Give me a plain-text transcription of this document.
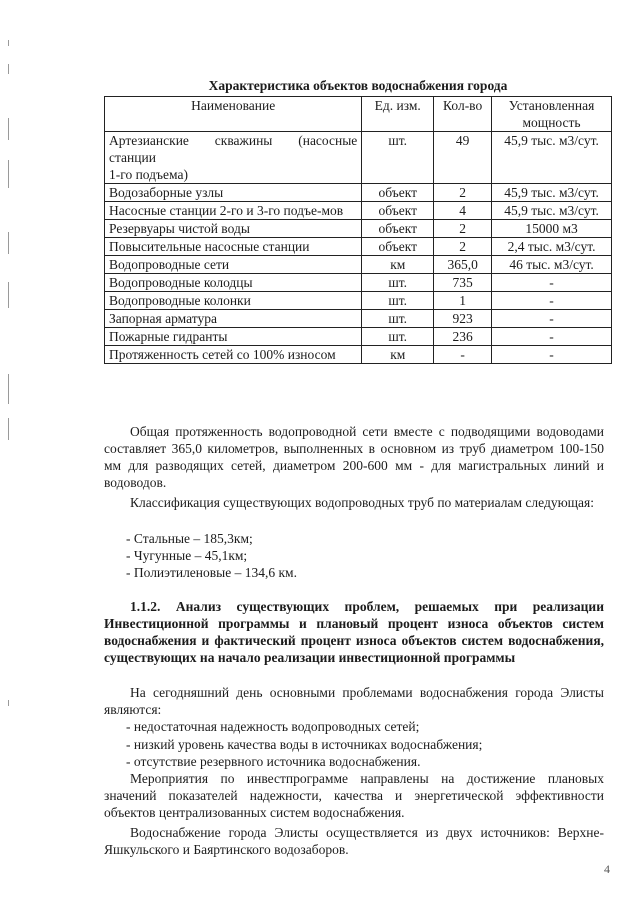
Характеристика объектов водоснабжения города
Наименование	Ед. изм.	Кол-во	Установленная мощность
Артезианские скважины (насосные станции
1-го подъема)	шт.	49	45,9 тыс. м3/сут.
Водозаборные узлы	объект	2	45,9 тыс. м3/сут.
Насосные станции 2-го и 3-го подъе-мов	объект	4	45,9 тыс. м3/сут.
Резервуары чистой воды	объект	2	15000 м3
Повысительные насосные станции	объект	2	2,4 тыс. м3/сут.
Водопроводные сети	км	365,0	46 тыс. м3/сут.
Водопроводные колодцы	шт.	735	-
Водопроводные колонки	шт.	1	-
Запорная арматура	шт.	923	-
Пожарные гидранты	шт.	236	-
Протяженность сетей со 100% износом	км	-	-
Общая протяженность водопроводной сети вместе с подводящими водоводами составляет 365,0 километров, выполненных в основном из труб диаметром 100-150 мм для разводящих сетей, диаметром 200-600 мм - для магистральных линий и водоводов.
Классификация существующих водопроводных труб по материалам следующая:
- Стальные – 185,3км;
- Чугунные – 45,1км;
- Полиэтиленовые – 134,6 км.
1.1.2. Анализ существующих проблем, решаемых при реализации Инвестиционной программы и плановый процент износа объектов систем водоснабжения и фактический процент износа объектов систем водоснабжения, существующих на начало реализации инвестиционной программы
На сегодняшний день основными проблемами водоснабжения города Элисты являются:
- недостаточная надежность водопроводных сетей;
- низкий уровень качества воды в источниках водоснабжения;
- отсутствие резервного источника водоснабжения.
Мероприятия по инвестпрограмме направлены на достижение плановых значений показателей надежности, качества и энергетической эффективности объектов централизованных систем водоснабжения.
Водоснабжение города Элисты осуществляется из двух источников: Верхне-Яшкульского и Баяртинского водозаборов.
4
